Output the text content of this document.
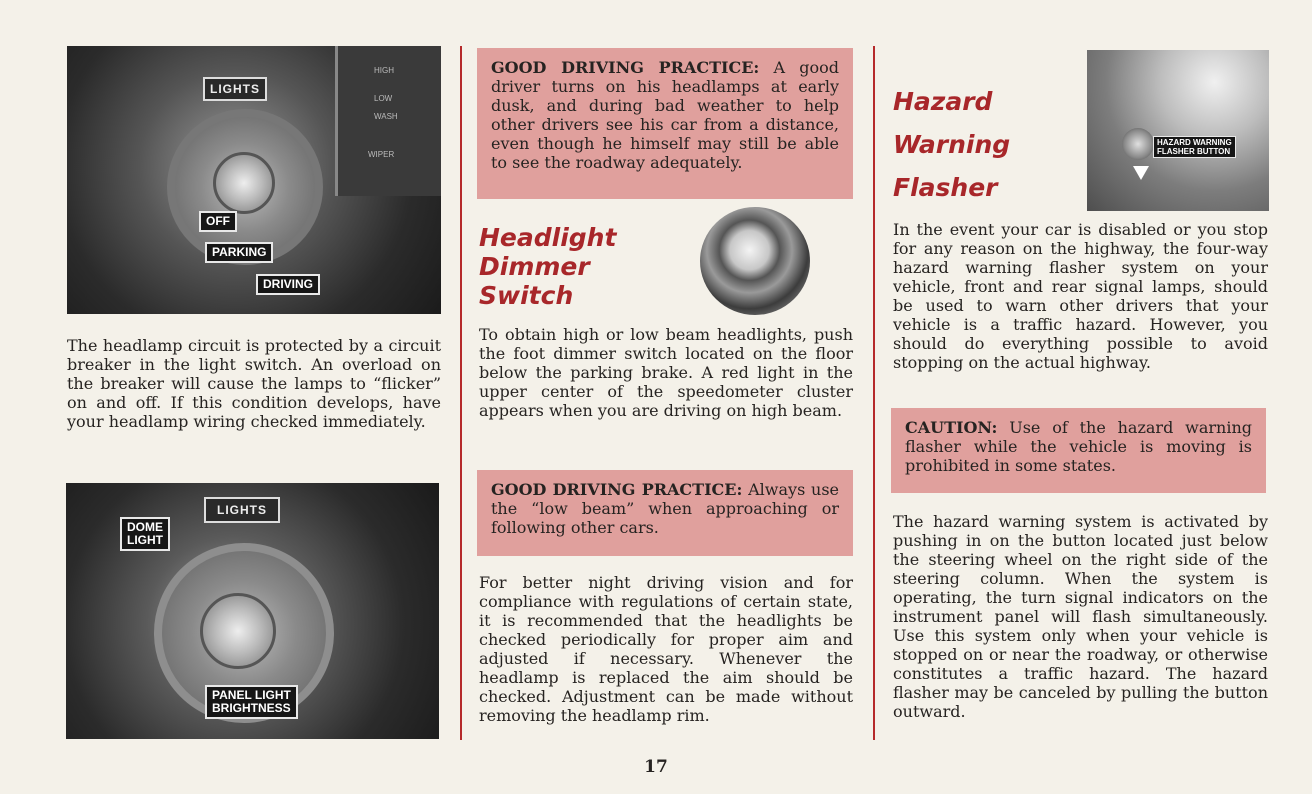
LIGHTS
HIGH
LOW
WASH
WIPER
OFF
PARKING
DRIVING

The headlamp circuit is protected by a circuit breaker in the light switch. An overload on the breaker will cause the lamps to “flicker” on and off. If this condition develops, have your headlamp wiring checked immediately.

LIGHTS
DOME
LIGHT
PANEL LIGHT
BRIGHTNESS
GOOD DRIVING PRACTICE: A good driver turns on his headlamps at early dusk, and during bad weather to help other drivers see his car from a distance, even though he himself may still be able to see the roadway adequately.
Headlight
Dimmer
Switch

To obtain high or low beam headlights, push the foot dimmer switch located on the floor below the parking brake. A red light in the upper center of the speedometer cluster appears when you are driving on high beam.

GOOD DRIVING PRACTICE: Always use the “low beam” when approaching or following other cars.

For better night driving vision and for compliance with regulations of certain state, it is recommended that the headlights be checked periodically for proper aim and adjusted if necessary. Whenever the headlamp is replaced the aim should be checked. Adjustment can be made without removing the headlamp rim.

Hazard
Warning
Flasher
HAZARD WARNING
FLASHER BUTTON

In the event your car is disabled or you stop for any reason on the highway, the four-way hazard warning flasher system on your vehicle, front and rear signal lamps, should be used to warn other drivers that your vehicle is a traffic hazard. However, you should do everything possible to avoid stopping on the actual highway.

CAUTION: Use of the hazard warning flasher while the vehicle is moving is prohibited in some states.

The hazard warning system is activated by pushing in on the button located just below the steering wheel on the right side of the steering column. When the system is operating, the turn signal indicators on the instrument panel will flash simultaneously. Use this system only when your vehicle is stopped on or near the roadway, or otherwise constitutes a traffic hazard. The hazard flasher may be canceled by pulling the button outward.

17
